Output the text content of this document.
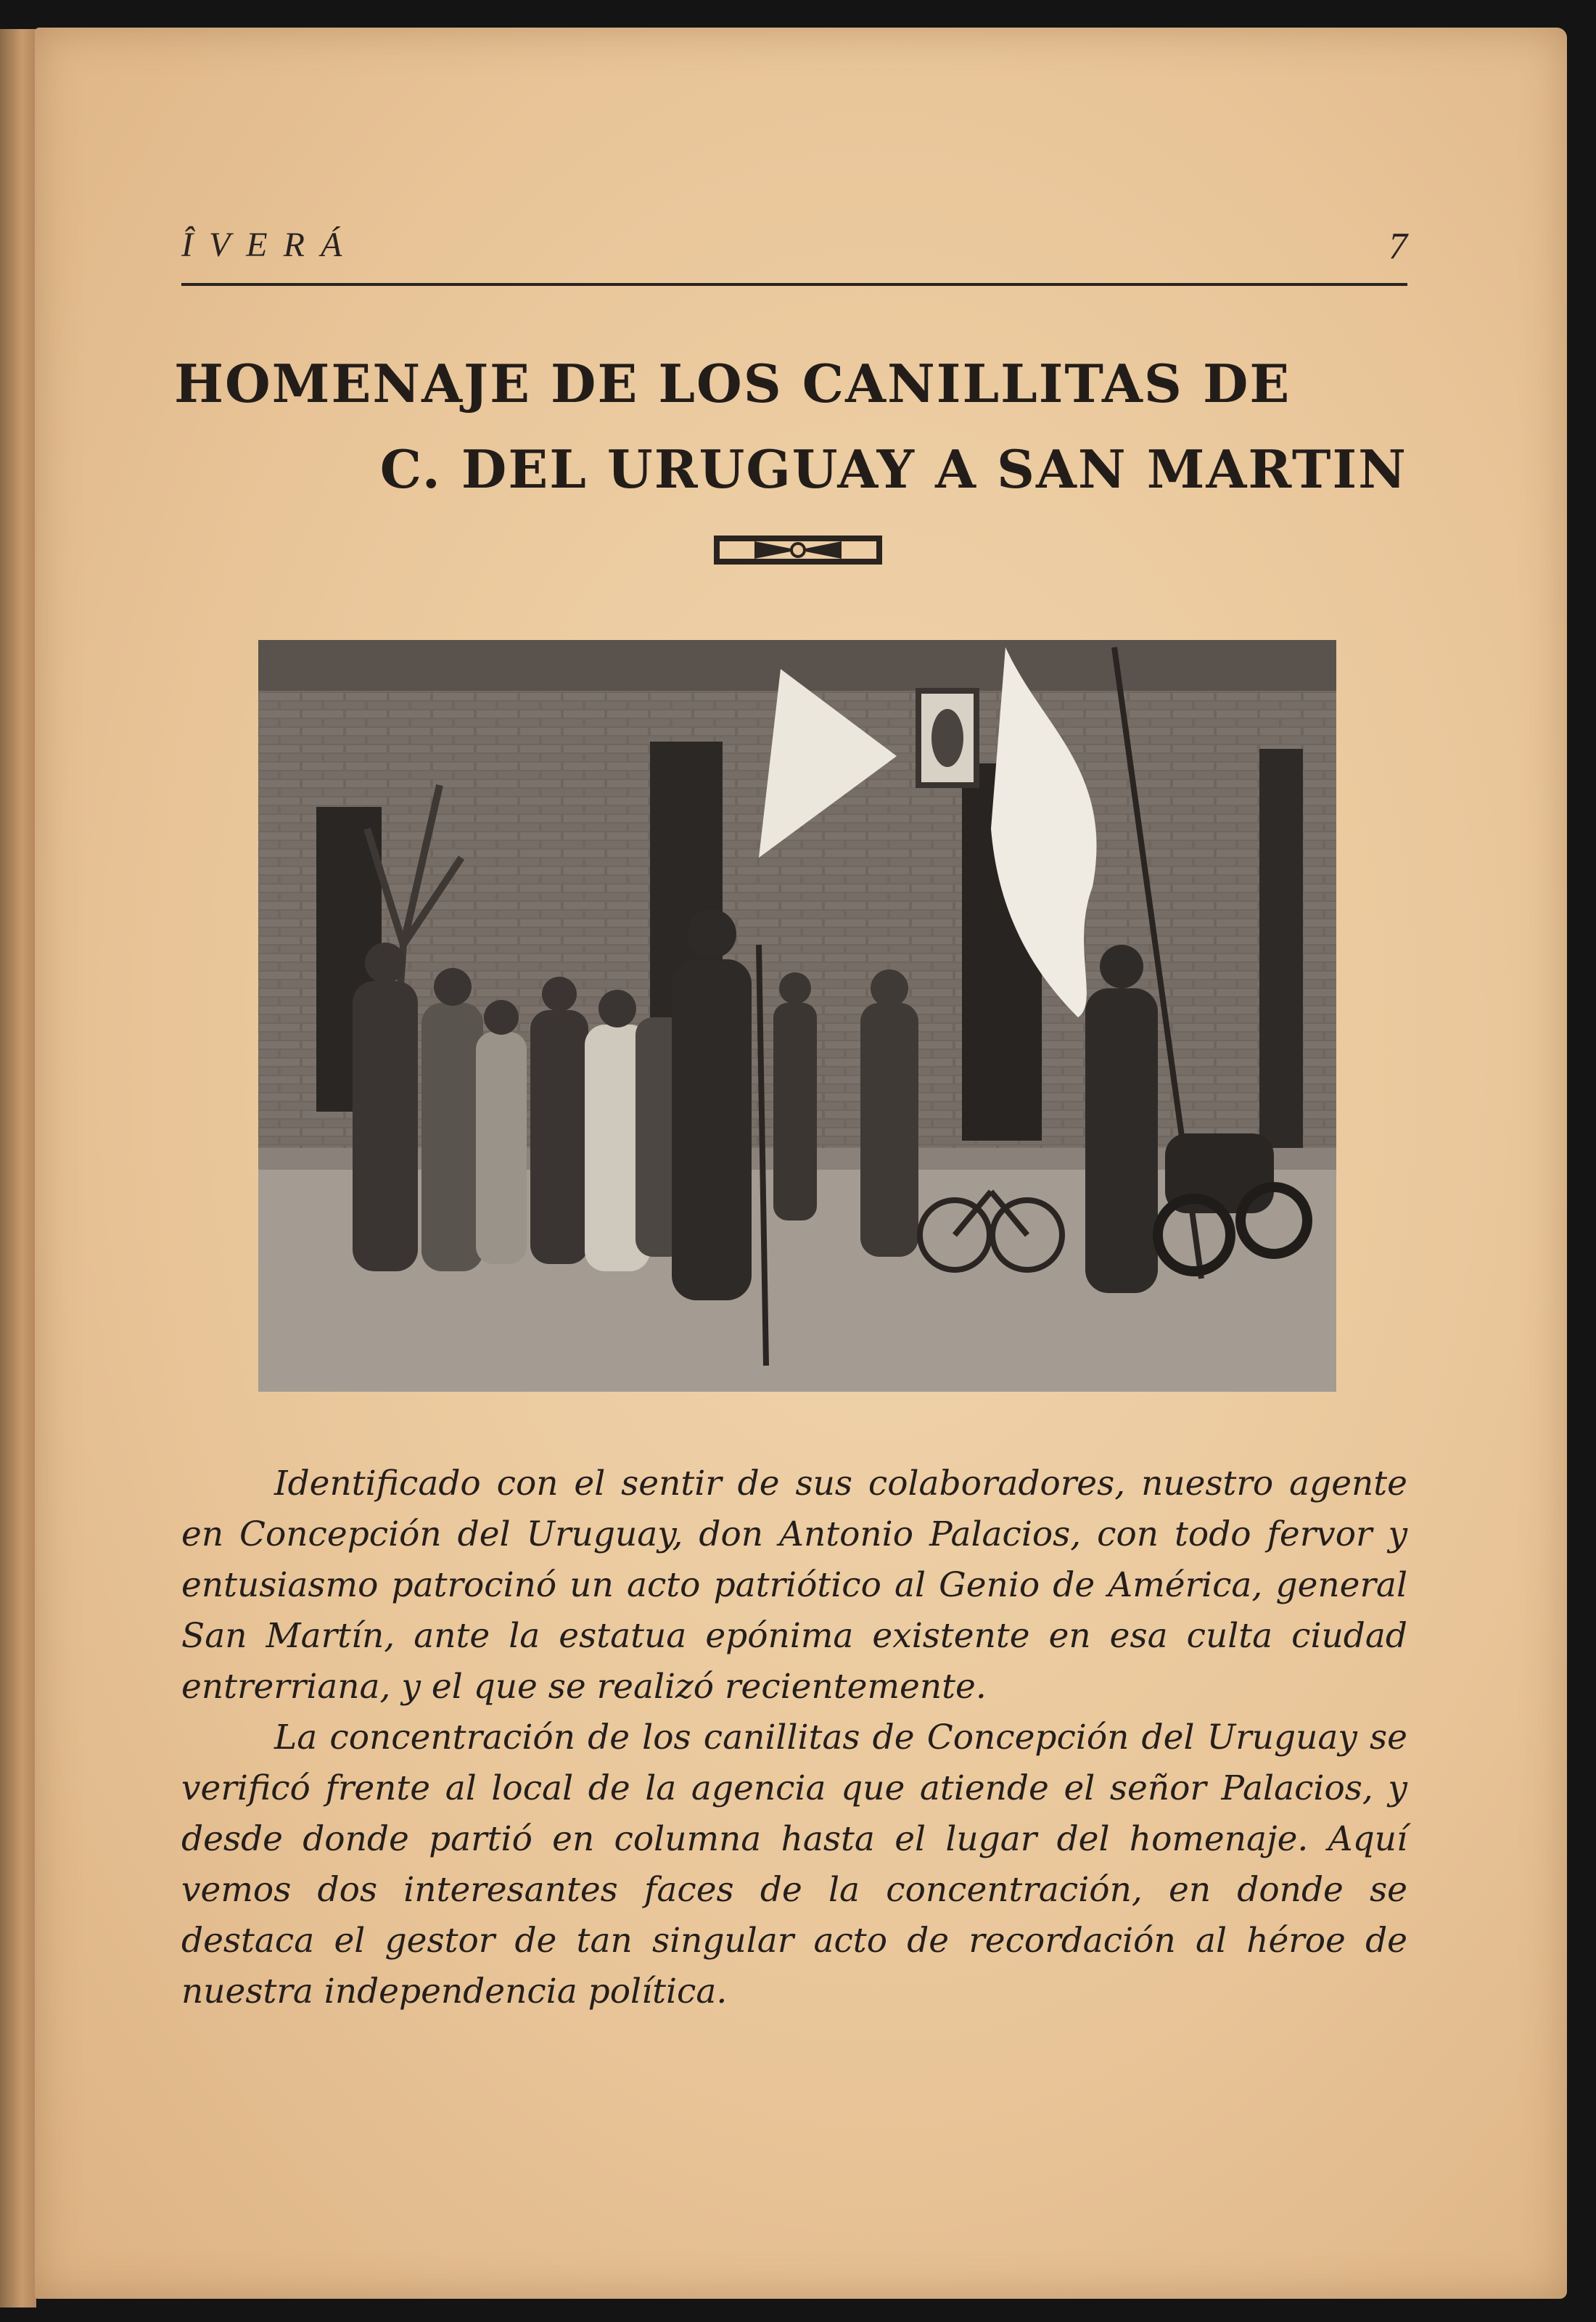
ÎVERÁ	7
HOMENAJE DE LOS CANILLITAS DE
C. DEL URUGUAY A SAN MARTIN

Identificado con el sentir de sus colaboradores, nuestro agente en Concepción del Uruguay, don Antonio Palacios, con todo fervor y entusiasmo patrocinó un acto patriótico al Genio de América, general San Martín, ante la estatua epónima existente en esa culta ciudad entrerriana, y el que se realizó recientemente.

La concentración de los canillitas de Concepción del Uruguay se verificó frente al local de la agencia que atiende el señor Palacios, y desde donde partió en columna hasta el lugar del homenaje. Aquí vemos dos interesantes faces de la concentración, en donde se destaca el gestor de tan singular acto de recordación al héroe de nuestra independencia política.
